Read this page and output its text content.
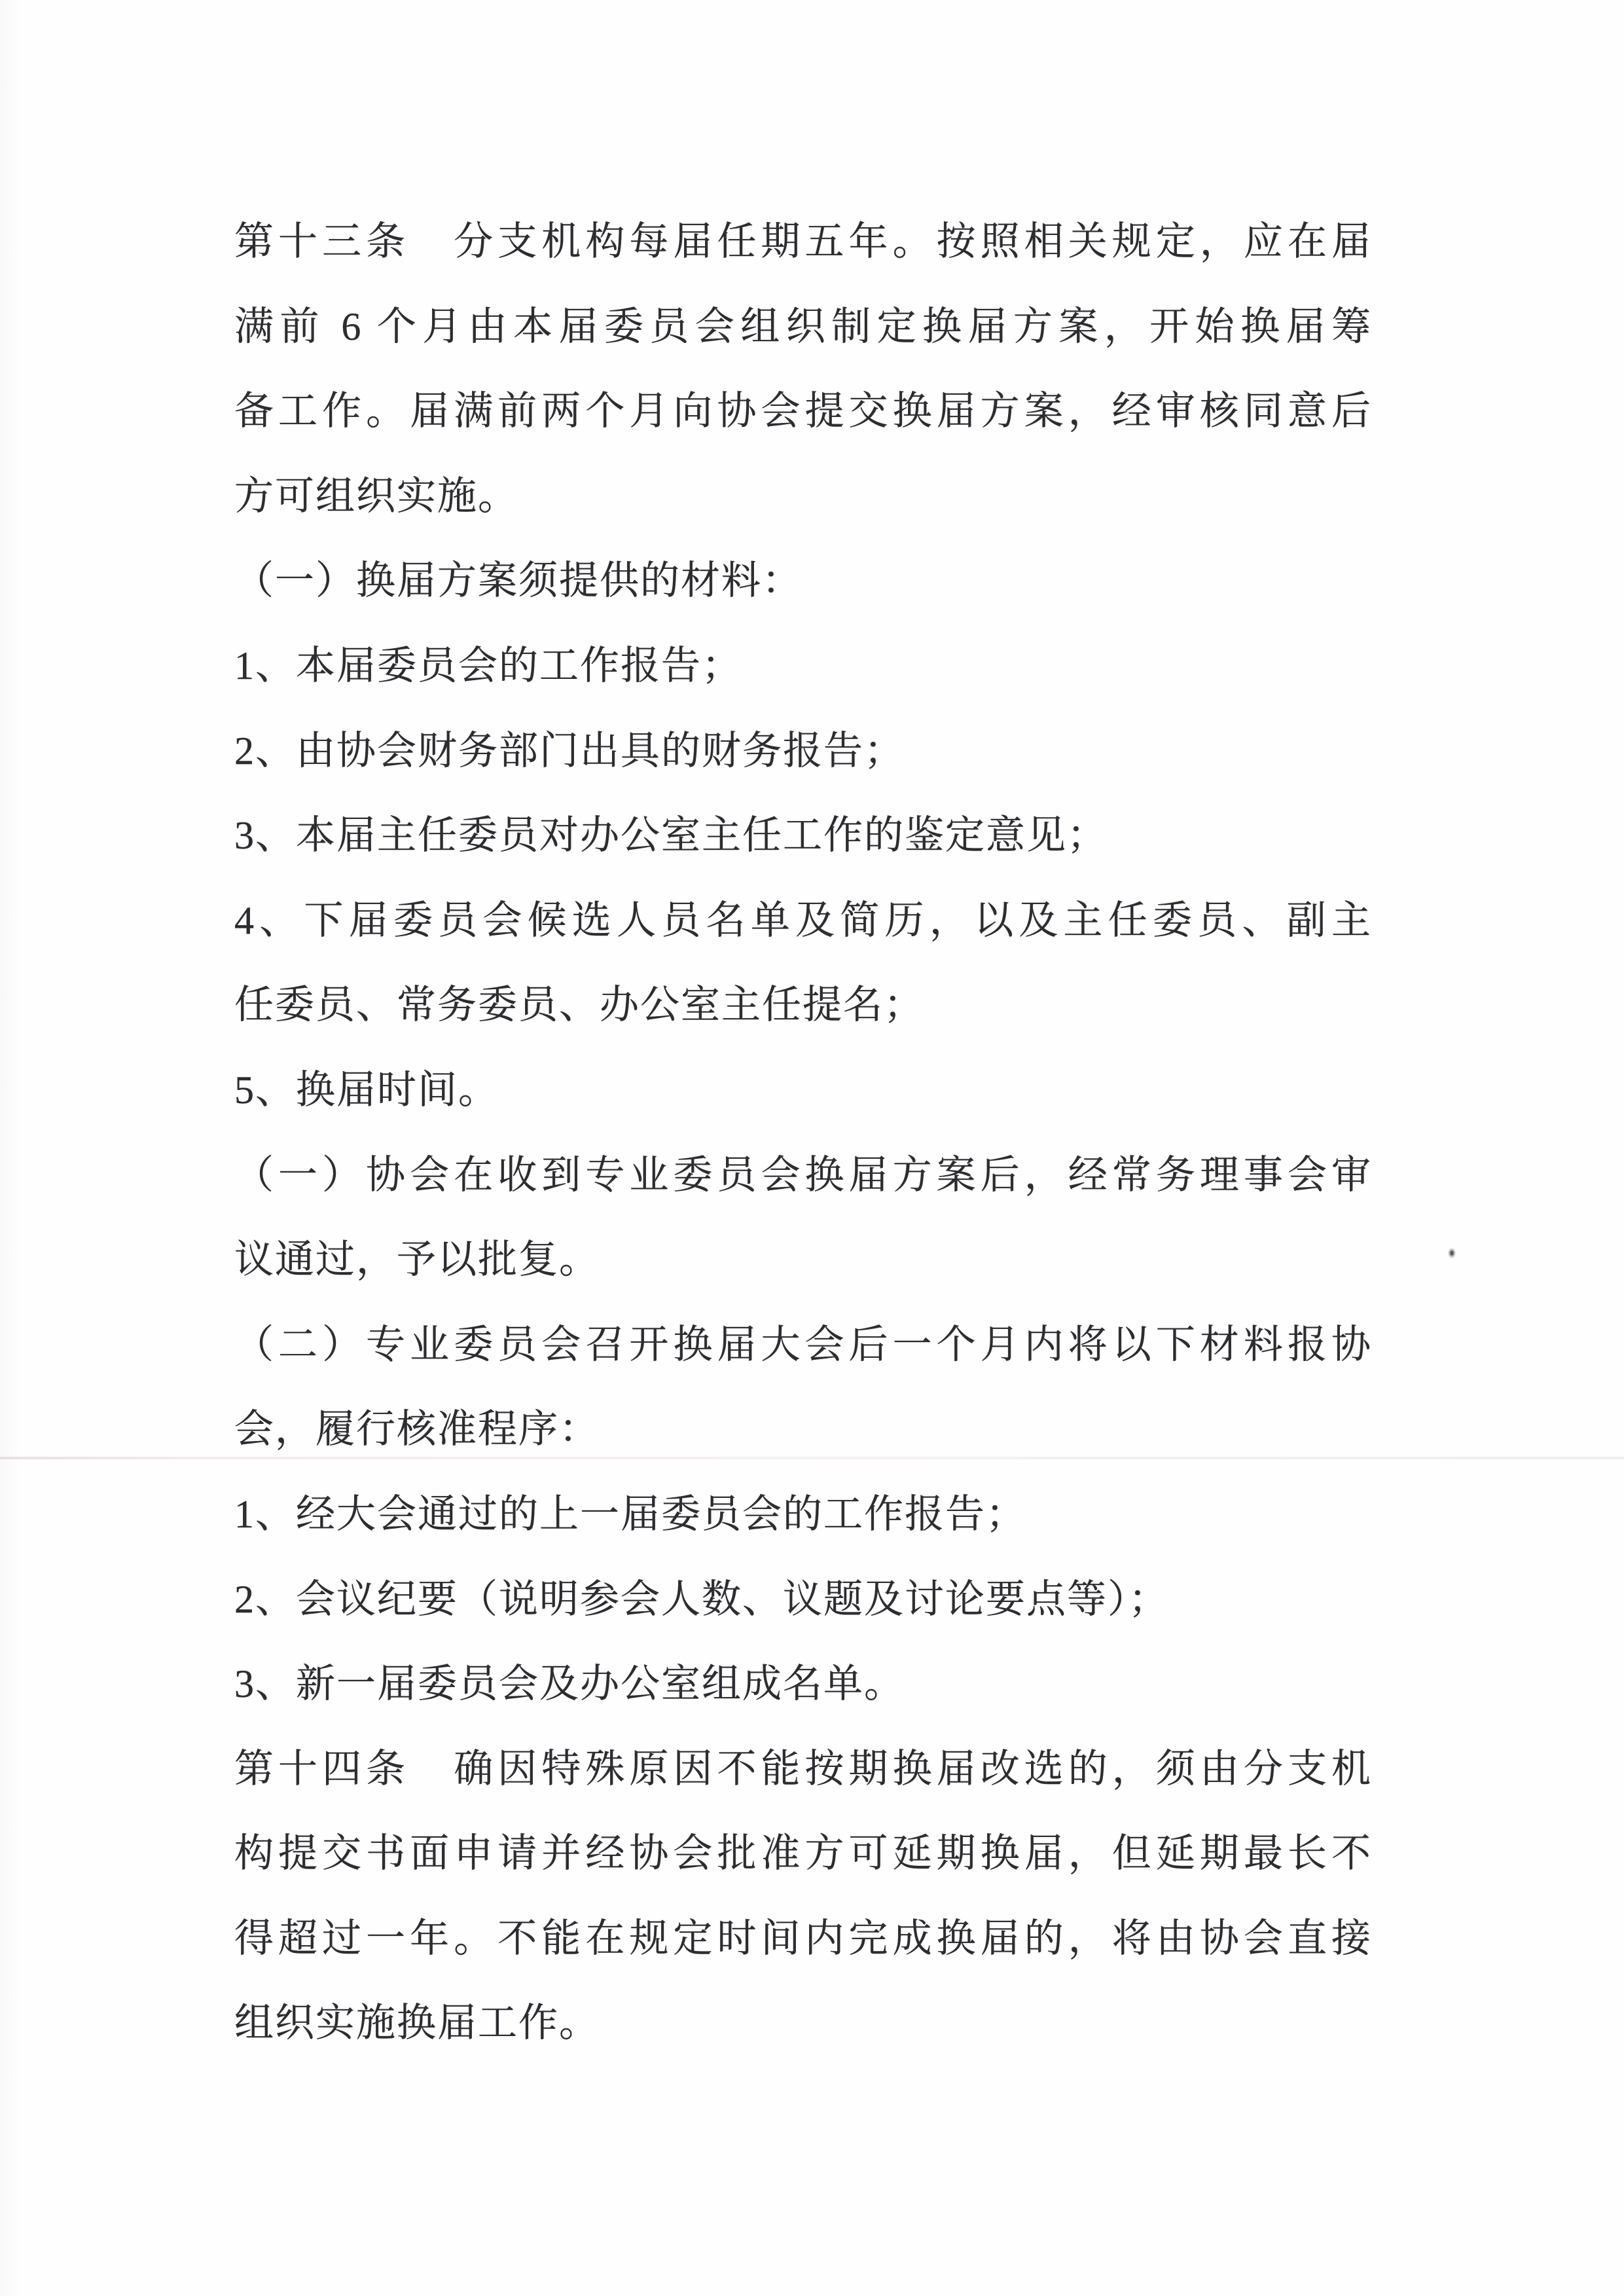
第十三条　分支机构每届任期五年。按照相关规定，应在届
满前 6 个月由本届委员会组织制定换届方案，开始换届筹
备工作。届满前两个月向协会提交换届方案，经审核同意后
方可组织实施。
（一）换届方案须提供的材料：
1、本届委员会的工作报告；
2、由协会财务部门出具的财务报告；
3、本届主任委员对办公室主任工作的鉴定意见；
4、下届委员会候选人员名单及简历，以及主任委员、副主
任委员、常务委员、办公室主任提名；
5、换届时间。
（一）协会在收到专业委员会换届方案后，经常务理事会审
议通过，予以批复。
（二）专业委员会召开换届大会后一个月内将以下材料报协
会，履行核准程序：
1、经大会通过的上一届委员会的工作报告；
2、会议纪要（说明参会人数、议题及讨论要点等）；
3、新一届委员会及办公室组成名单。
第十四条　确因特殊原因不能按期换届改选的，须由分支机
构提交书面申请并经协会批准方可延期换届，但延期最长不
得超过一年。不能在规定时间内完成换届的，将由协会直接
组织实施换届工作。
